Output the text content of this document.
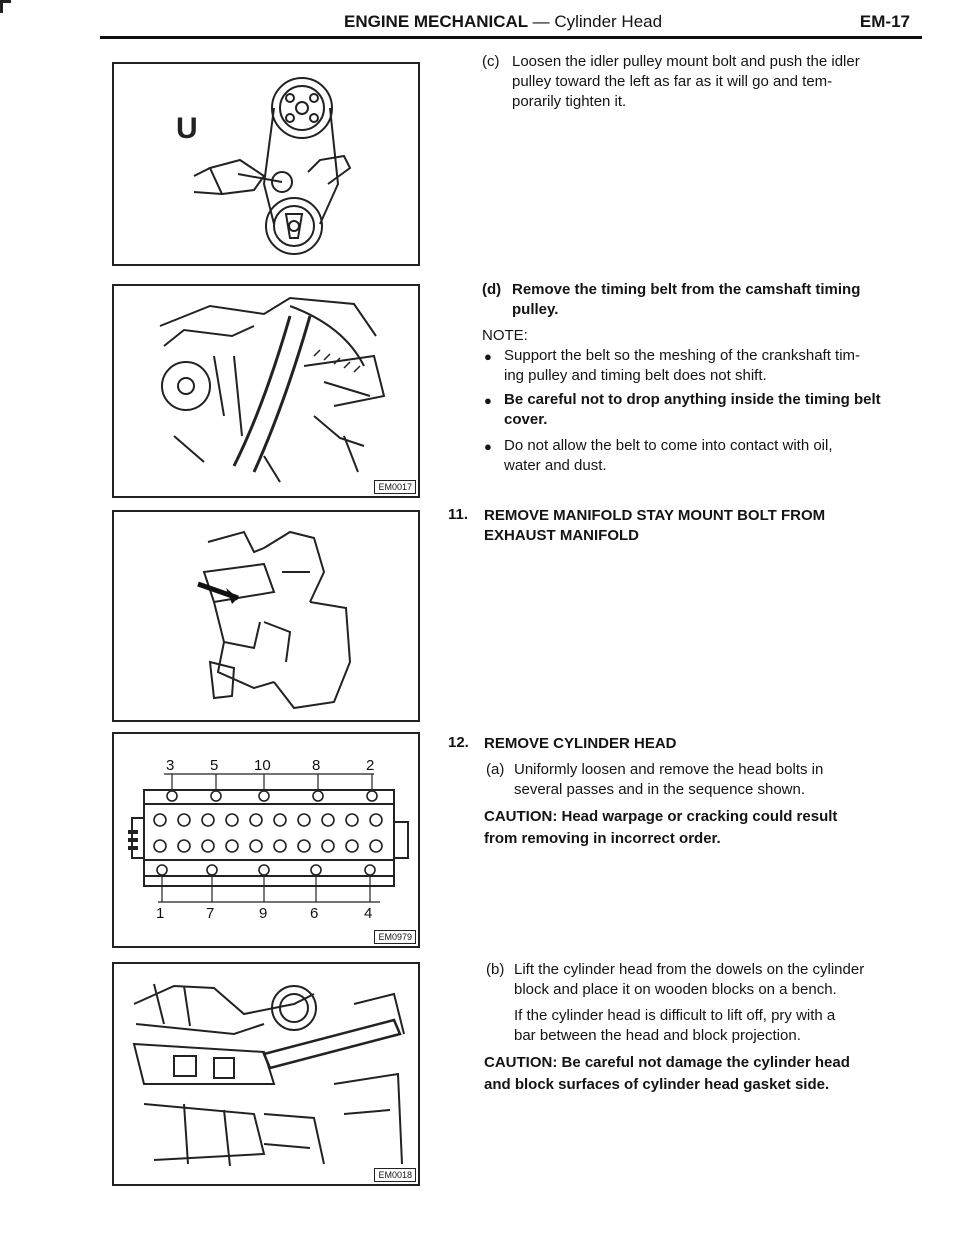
ENGINE MECHANICAL — Cylinder Head	EM-17
U
EM0017
3 5 10	8	2
1	7	9	6	4
EM0979
EM0018
(c) Loosen the idler pulley mount bolt and push the idler
pulley toward the left as far as it will go and tem-
porarily tighten it.
(d) Remove the timing belt from the camshaft timing
pulley.
NOTE:
● Support the belt so the meshing of the crankshaft tim-
ing pulley and timing belt does not shift.
● Be careful not to drop anything inside the timing belt
cover.
● Do not allow the belt to come into contact with oil,
water and dust.
11. REMOVE MANIFOLD STAY MOUNT BOLT FROM
EXHAUST MANIFOLD
12. REMOVE CYLINDER HEAD
(a) Uniformly loosen and remove the head bolts in
several passes and in the sequence shown.
CAUTION: Head warpage or cracking could result
from removing in incorrect order.
(b) Lift the cylinder head from the dowels on the cylinder
block and place it on wooden blocks on a bench.
If the cylinder head is difficult to lift off, pry with a
bar between the head and block projection.
CAUTION: Be careful not damage the cylinder head
and block surfaces of cylinder head gasket side.
